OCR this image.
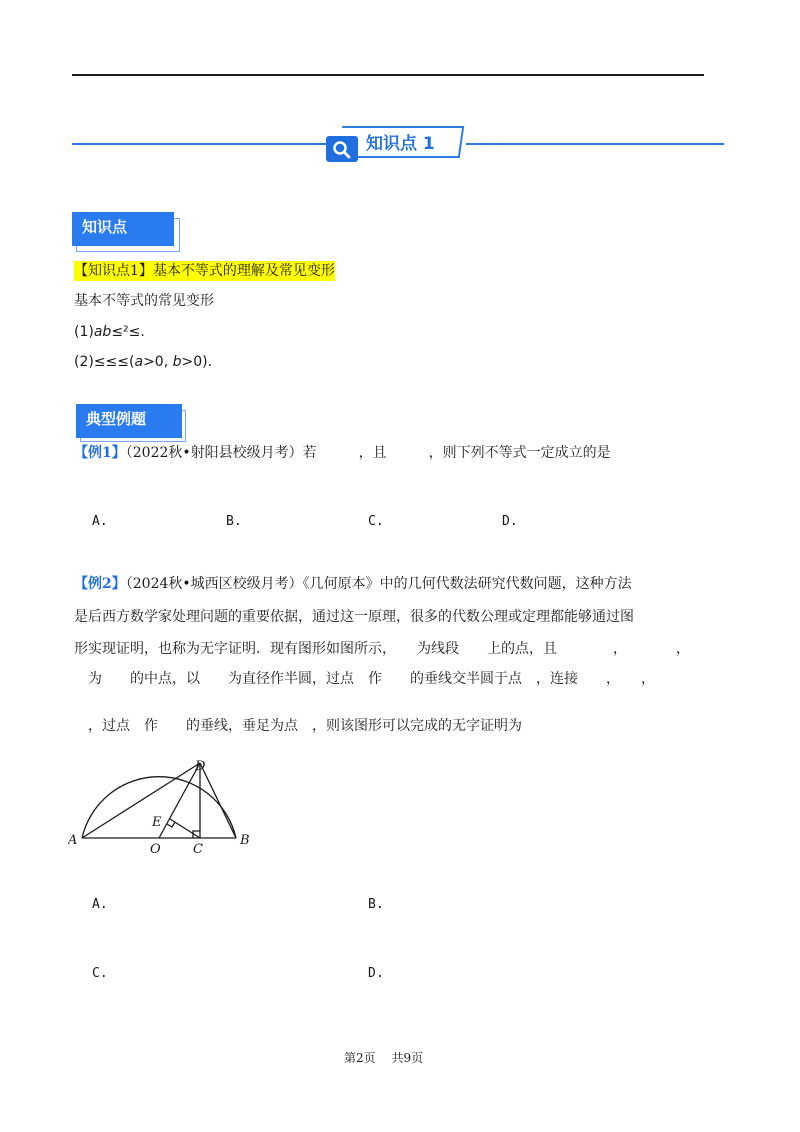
知识点 1
知识点
【知识点1】基本不等式的理解及常见变形
基本不等式的常见变形
(1)ab≤²≤.
(2)≤≤≤(a>0, b>0).
典型例题
【例1】（2022秋•射阳县校级月考）若　　　，且　　　，则下列不等式一定成立的是
A.	B.	C.	D.
【例2】（2024秋•城西区校级月考）《几何原本》中的几何代数法研究代数问题，这种方法
是后西方数学家处理问题的重要依据，通过这一原理，很多的代数公理或定理都能够通过图
形实现证明，也称为无字证明．现有图形如图所示，　　为线段　　上的点，且　　　　，　　　　，
　为　　的中点，以　　为直径作半圆，过点　作　　的垂线交半圆于点　，连接　　，　　，
　，过点　作　　的垂线，垂足为点　，则该图形可以完成的无字证明为
A	B
C
D
E
O
A.	B.
C.	D.
第2页　 共9页
